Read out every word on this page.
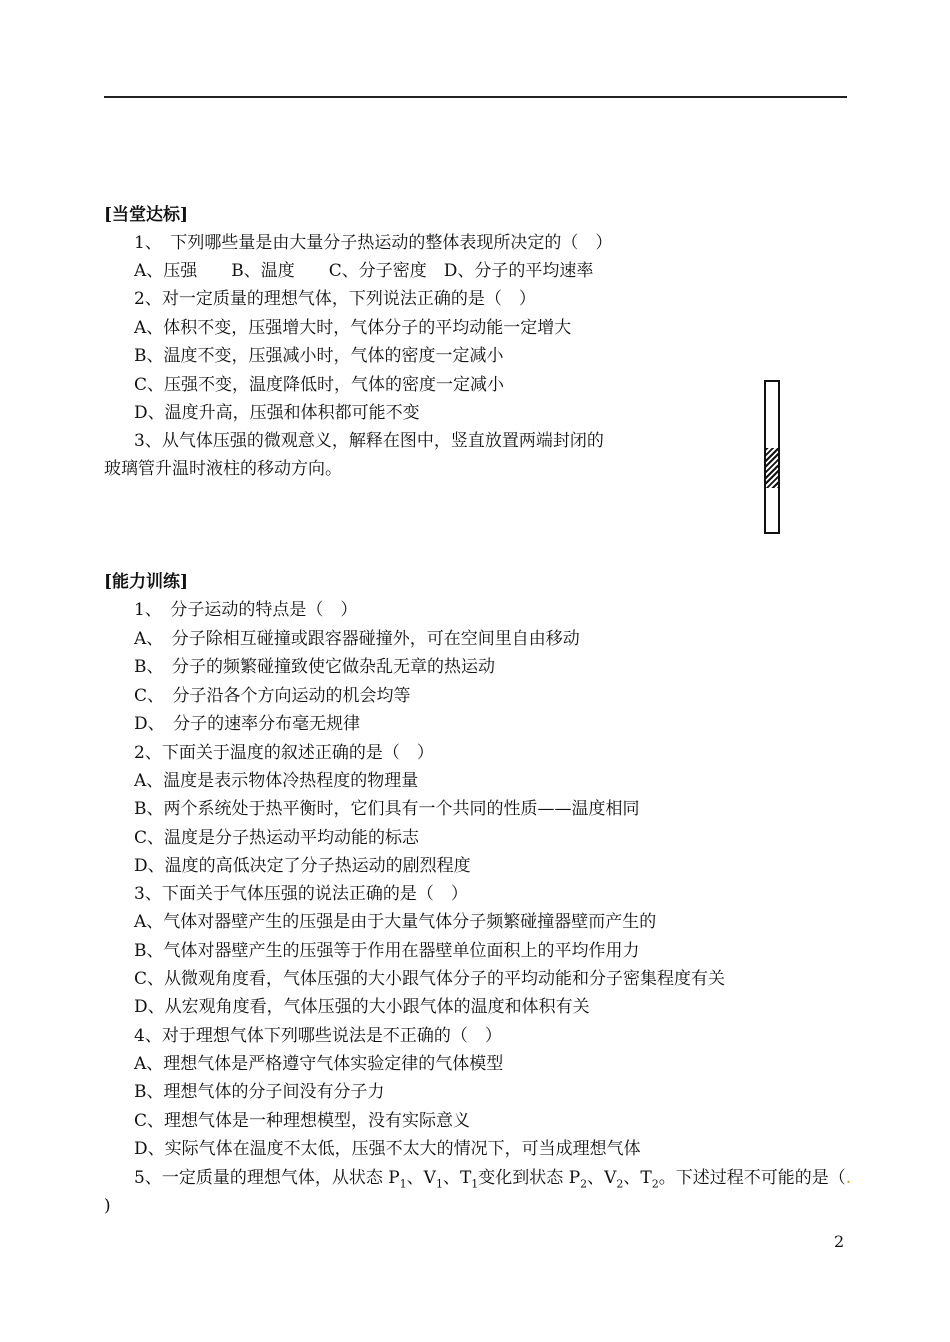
[当堂达标]
1、　下列哪些量是由大量分子热运动的整体表现所决定的（　）
A、压强　　B、温度　　C、分子密度　D、分子的平均速率
2、对一定质量的理想气体，下列说法正确的是（　）
A、体积不变，压强增大时，气体分子的平均动能一定增大
B、温度不变，压强减小时，气体的密度一定减小
C、压强不变，温度降低时，气体的密度一定减小
D、温度升高，压强和体积都可能不变
3、从气体压强的微观意义，解释在图中，竖直放置两端封闭的
玻璃管升温时液柱的移动方向。
[能力训练]
1、　分子运动的特点是（　）
A、　分子除相互碰撞或跟容器碰撞外，可在空间里自由移动
B、　分子的频繁碰撞致使它做杂乱无章的热运动
C、　分子沿各个方向运动的机会均等
D、　分子的速率分布毫无规律
2、下面关于温度的叙述正确的是（　）
A、温度是表示物体冷热程度的物理量
B、两个系统处于热平衡时，它们具有一个共同的性质——温度相同
C、温度是分子热运动平均动能的标志
D、温度的高低决定了分子热运动的剧烈程度
3、下面关于气体压强的说法正确的是（　）
A、气体对器壁产生的压强是由于大量气体分子频繁碰撞器壁而产生的
B、气体对器壁产生的压强等于作用在器壁单位面积上的平均作用力
C、从微观角度看，气体压强的大小跟气体分子的平均动能和分子密集程度有关
D、从宏观角度看，气体压强的大小跟气体的温度和体积有关
4、对于理想气体下列哪些说法是不正确的（　）
A、理想气体是严格遵守气体实验定律的气体模型
B、理想气体的分子间没有分子力
C、理想气体是一种理想模型，没有实际意义
D、实际气体在温度不太低，压强不太大的情况下，可当成理想气体
5、一定质量的理想气体，从状态 $P_1$、$V_1$、$T_1$变化到状态 $P_2$、$V_2$、$T_2$。下述过程不可能的是（.
)
2
